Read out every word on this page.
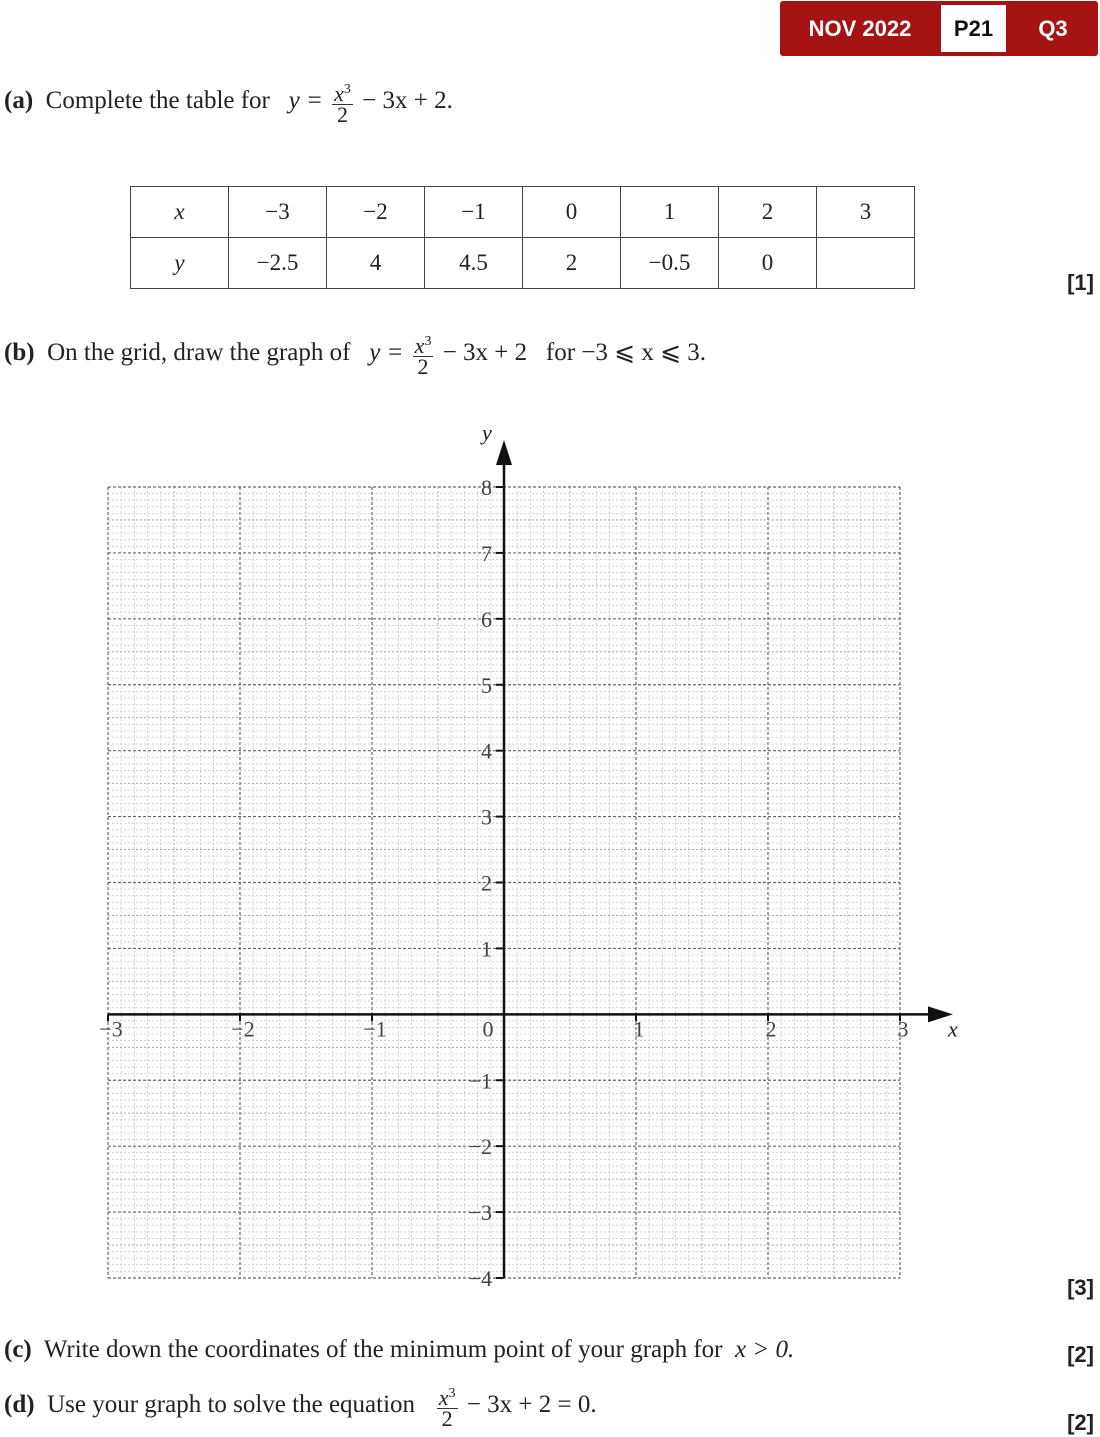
NOV 2022	P21	Q3
(a) Complete the table for $y = \frac{x^3}{2} - 3x + 2$.
x	−3	−2	−1	0	1	2	3
y	−2.5	4	4.5	2	−0.5	0	
[1]
(b) On the grid, draw the graph of $y = \frac{x^3}{2} - 3x + 2$ for −3 ⩽ x ⩽ 3.
x
y
−3	−2	−1	1	2	3
0
8
7
6
5
4
3
2
1
−1
−2
−3
−4	[3]
(c) Write down the coordinates of the minimum point of your graph for x > 0.	[2]
(d) Use your graph to solve the equation $\frac{x^3}{2} - 3x + 2 = 0$.
[2]
